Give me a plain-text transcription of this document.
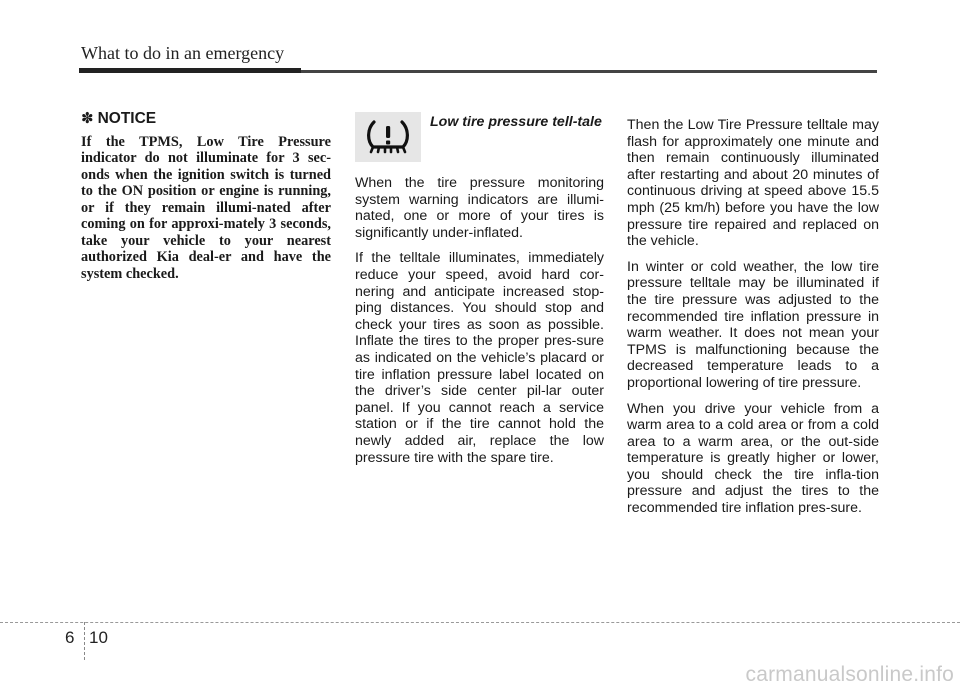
What to do in an emergency
✽ NOTICE

If the TPMS, Low Tire Pressure indicator do not illuminate for 3 sec-onds when the ignition switch is turned to the ON position or engine is running, or if they remain illumi-nated after coming on for approxi-mately 3 seconds, take your vehicle to your nearest authorized Kia deal-er and have the system checked.

Low tire pressure tell-tale

When the tire pressure monitoring system warning indicators are illumi-nated, one or more of your tires is significantly under-inflated.

If the telltale illuminates, immediately reduce your speed, avoid hard cor-nering and anticipate increased stop-ping distances. You should stop and check your tires as soon as possible. Inflate the tires to the proper pres-sure as indicated on the vehicle’s placard or tire inflation pressure label located on the driver’s side center pil-lar outer panel. If you cannot reach a service station or if the tire cannot hold the newly added air, replace the low pressure tire with the spare tire.

Then the Low Tire Pressure telltale may flash for approximately one minute and then remain continuously illuminated after restarting and about 20 minutes of continuous driving at speed above 15.5 mph (25 km/h) before you have the low pressure tire repaired and replaced on the vehicle.

In winter or cold weather, the low tire pressure telltale may be illuminated if the tire pressure was adjusted to the recommended tire inflation pressure in warm weather. It does not mean your TPMS is malfunctioning because the decreased temperature leads to a proportional lowering of tire pressure.

When you drive your vehicle from a warm area to a cold area or from a cold area to a warm area, or the out-side temperature is greatly higher or lower, you should check the tire infla-tion pressure and adjust the tires to the recommended tire inflation pres-sure.

6 10
carmanualsonline.info
